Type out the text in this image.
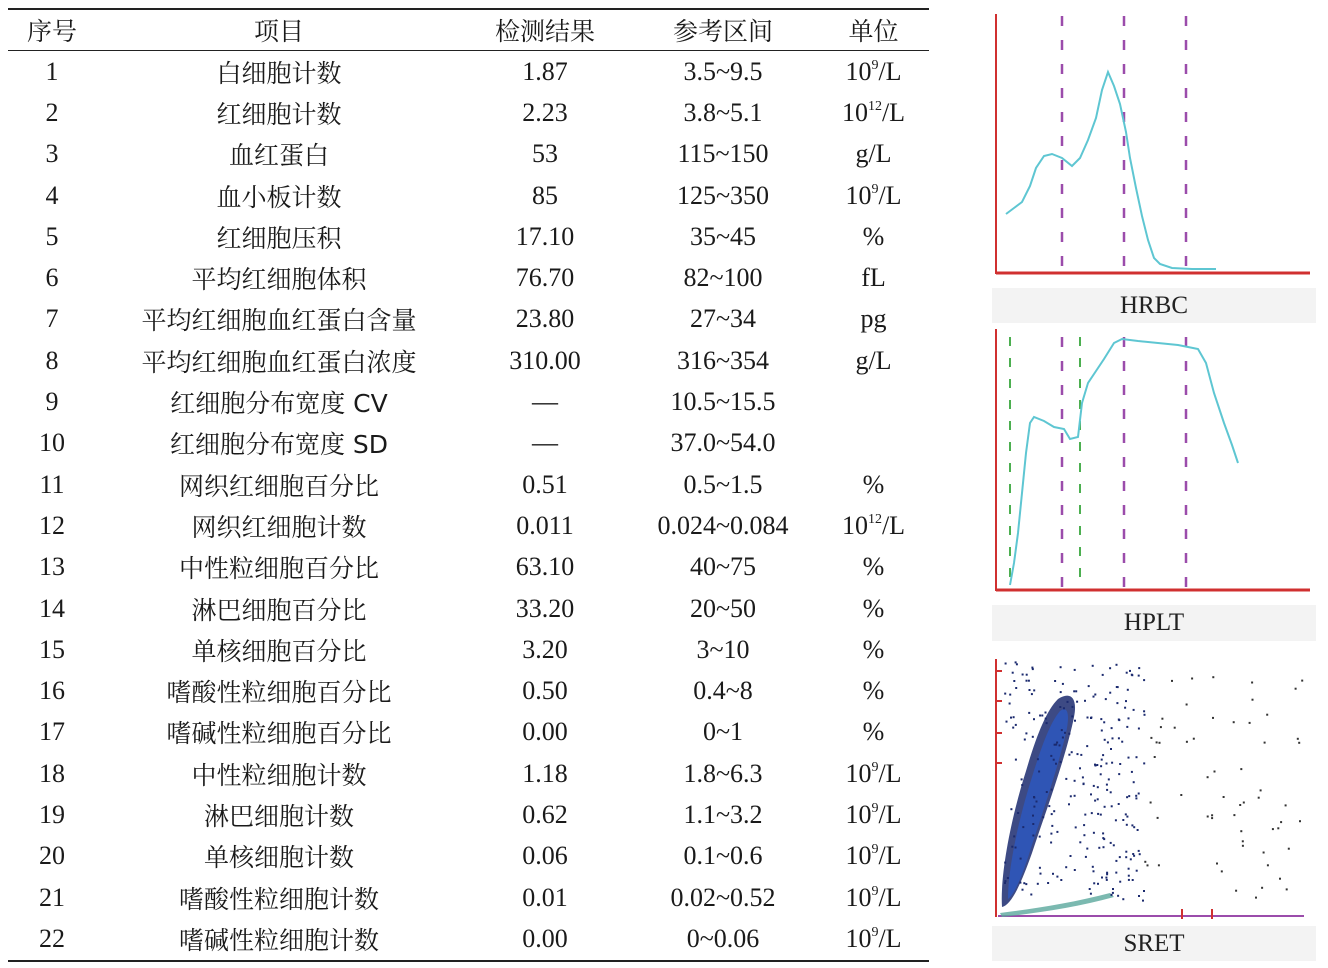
序号	项目	检测结果	参考区间	单位
1	白细胞计数	1.87	3.5~9.5	$10^9/L$
2	红细胞计数	2.23	3.8~5.1	$10^{12}/L$
3	血红蛋白	53	115~150	g/L
4	血小板计数	85	125~350	$10^9/L$
5	红细胞压积	17.10	35~45	%
6	平均红细胞体积	76.70	82~100	fL
7	平均红细胞血红蛋白含量	23.80	27~34	pg
8	平均红细胞血红蛋白浓度	310.00	316~354	g/L
9	红细胞分布宽度 CV	—	10.5~15.5	
10	红细胞分布宽度 SD	—	37.0~54.0	
11	网织红细胞百分比	0.51	0.5~1.5	%
12	网织红细胞计数	0.011	0.024~0.084	$10^{12}/L$
13	中性粒细胞百分比	63.10	40~75	%
14	淋巴细胞百分比	33.20	20~50	%
15	单核细胞百分比	3.20	3~10	%
16	嗜酸性粒细胞百分比	0.50	0.4~8	%
17	嗜碱性粒细胞百分比	0.00	0~1	%
18	中性粒细胞计数	1.18	1.8~6.3	$10^9/L$
19	淋巴细胞计数	0.62	1.1~3.2	$10^9/L$
20	单核细胞计数	0.06	0.1~0.6	$10^9/L$
21	嗜酸性粒细胞计数	0.01	0.02~0.52	$10^9/L$
22	嗜碱性粒细胞计数	0.00	0~0.06	$10^9/L$
HRBC
HPLT
SRET
